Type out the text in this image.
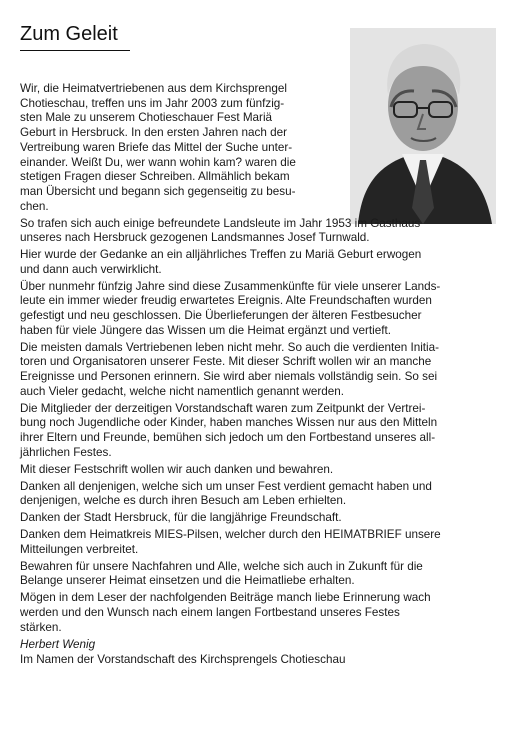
Zum Geleit

Wir, die Heimatvertriebenen aus dem Kirchsprengel
Chotieschau, treffen uns im Jahr 2003 zum fünfzig-
sten Male zu unserem Chotieschauer Fest Mariä
Geburt in Hersbruck. In den ersten Jahren nach der
Vertreibung waren Briefe das Mittel der Suche unter-
einander. Weißt Du, wer wann wohin kam? waren die
stetigen Fragen dieser Schreiben. Allmählich bekam
man Übersicht und begann sich gegenseitig zu besu-
chen.

So trafen sich auch einige befreundete Landsleute im Jahr 1953 im Gasthaus
unseres nach Hersbruck gezogenen Landsmannes Josef Turnwald.

Hier wurde der Gedanke an ein alljährliches Treffen zu Mariä Geburt erwogen
und dann auch verwirklicht.

Über nunmehr fünfzig Jahre sind diese Zusammenkünfte für viele unserer Lands-
leute ein immer wieder freudig erwartetes Ereignis. Alte Freundschaften wurden
gefestigt und neu geschlossen. Die Überlieferungen der älteren Festbesucher
haben für viele Jüngere das Wissen um die Heimat ergänzt und vertieft.

Die meisten damals Vertriebenen leben nicht mehr. So auch die verdienten Initia-
toren und Organisatoren unserer Feste. Mit dieser Schrift wollen wir an manche
Ereignisse und Personen erinnern. Sie wird aber niemals vollständig sein. So sei
auch Vieler gedacht, welche nicht namentlich genannt werden.

Die Mitglieder der derzeitigen Vorstandschaft waren zum Zeitpunkt der Vertrei-
bung noch Jugendliche oder Kinder, haben manches Wissen nur aus den Mitteln
ihrer Eltern und Freunde, bemühen sich jedoch um den Fortbestand unseres all-
jährlichen Festes.

Mit dieser Festschrift wollen wir auch danken und bewahren.

Danken all denjenigen, welche sich um unser Fest verdient gemacht haben und
denjenigen, welche es durch ihren Besuch am Leben erhielten.

Danken der Stadt Hersbruck, für die langjährige Freundschaft.

Danken dem Heimatkreis MIES-Pilsen, welcher durch den HEIMATBRIEF unsere
Mitteilungen verbreitet.

Bewahren für unsere Nachfahren und Alle, welche sich auch in Zukunft für die
Belange unserer Heimat einsetzen und die Heimatliebe erhalten.

Mögen in dem Leser der nachfolgenden Beiträge manch liebe Erinnerung wach
werden und den Wunsch nach einem langen Fortbestand unseres Festes
stärken.

Herbert Wenig
Im Namen der Vorstandschaft des Kirchsprengels Chotieschau
